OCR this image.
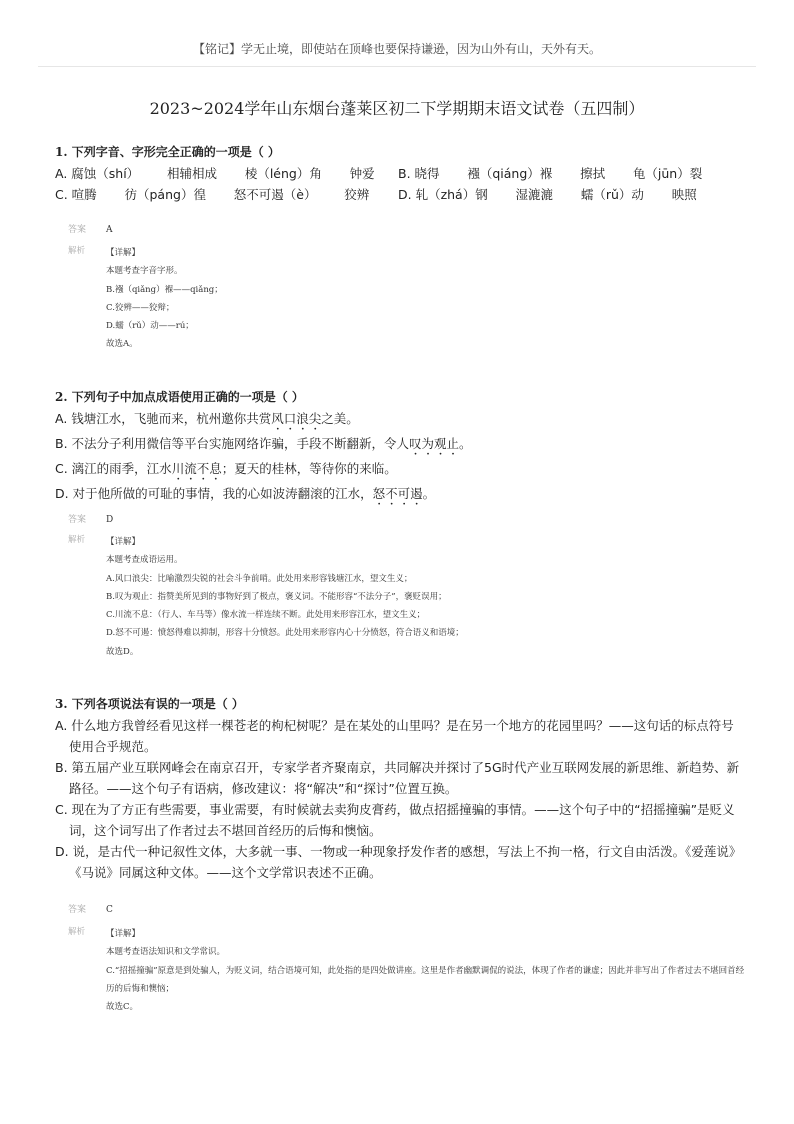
【铭记】学无止境，即使站在顶峰也要保持谦逊，因为山外有山，天外有天。
2023~2024学年山东烟台蓬莱区初二下学期期末语文试卷（五四制）
1. 下列字音、字形完全正确的一项是（ ）
A. 腐蚀（shí）       相辅相成       棱（léng）角       钟爱 B. 晓得       襁（qiáng）褓       擦拭       龟（jūn）裂
C. 喧腾       彷（páng）徨       怒不可遏（è）       狡辨 D. 轧（zhá）钢       湿漉漉       蠕（rǔ）动       映照
答案 A
解析 【详解】
本题考查字音字形。
B.襁（qiǎng）褓——qiǎng；
C.狡辨——狡辩；
D.蠕（rǔ）动——rú；
故选A。
2. 下列句子中加点成语使用正确的一项是（ ）
A. 钱塘江水，飞驰而来，杭州邀你共赏风口浪尖之美。
B. 不法分子利用微信等平台实施网络诈骗，手段不断翻新，令人叹为观止。
C. 漓江的雨季，江水川流不息；夏天的桂林，等待你的来临。
D. 对于他所做的可耻的事情，我的心如波涛翻滚的江水，怒不可遏。
答案 D
解析 【详解】
本题考查成语运用。
A.风口浪尖：比喻激烈尖锐的社会斗争前哨。此处用来形容钱塘江水，望文生义；
B.叹为观止：指赞美所见到的事物好到了极点，褒义词。不能形容“不法分子”，褒贬误用；
C.川流不息：（行人、车马等）像水流一样连续不断。此处用来形容江水，望文生义；
D.怒不可遏：愤怒得难以抑制，形容十分愤怒。此处用来形容内心十分愤怒，符合语义和语境；
故选D。
3. 下列各项说法有误的一项是（ ）
A. 什么地方我曾经看见这样一棵苍老的枸杞树呢？是在某处的山里吗？是在另一个地方的花园里吗？——这句话的标点符号使用合乎规范。
B. 第五届产业互联网峰会在南京召开，专家学者齐聚南京，共同解决并探讨了5G时代产业互联网发展的新思维、新趋势、新路径。——这个句子有语病，修改建议：将“解决”和“探讨”位置互换。
C. 现在为了方正有些需要，事业需要，有时候就去卖狗皮膏药，做点招摇撞骗的事情。——这个句子中的“招摇撞骗”是贬义词，这个词写出了作者过去不堪回首经历的后悔和懊恼。
D. 说，是古代一种记叙性文体，大多就一事、一物或一种现象抒发作者的感想，写法上不拘一格，行文自由活泼。《爱莲说》《马说》同属这种文体。——这个文学常识表述不正确。
答案 C
解析 【详解】
本题考查语法知识和文学常识。
C.“招摇撞骗”原意是到处骗人，为贬义词，结合语境可知，此处指的是四处做讲座。这里是作者幽默调侃的说法，体现了作者的谦虚；因此并非写出了作者过去不堪回首经历的后悔和懊恼；
故选C。
